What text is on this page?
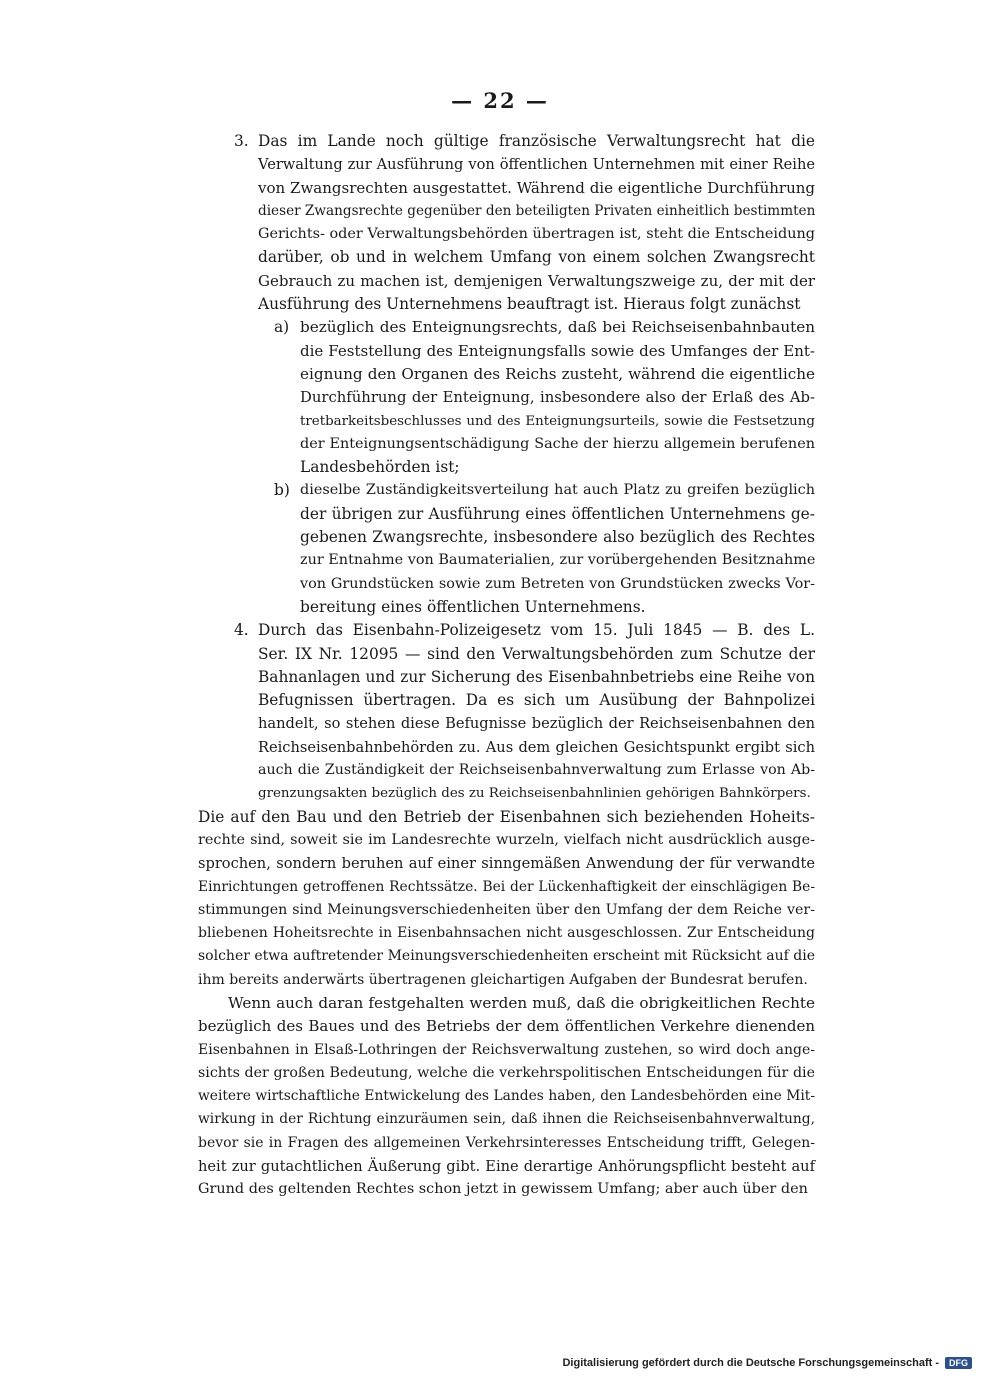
— 22 —
3. Das im Lande noch gültige französische Verwaltungsrecht hat die
Verwaltung zur Ausführung von öffentlichen Unternehmen mit einer Reihe
von Zwangsrechten ausgestattet. Während die eigentliche Durchführung
dieser Zwangsrechte gegenüber den beteiligten Privaten einheitlich bestimmten
Gerichts- oder Verwaltungsbehörden übertragen ist, steht die Entscheidung
darüber, ob und in welchem Umfang von einem solchen Zwangsrecht
Gebrauch zu machen ist, demjenigen Verwaltungszweige zu, der mit der
Ausführung des Unternehmens beauftragt ist. Hieraus folgt zunächst
a) bezüglich des Enteignungsrechts, daß bei Reichseisenbahnbauten
die Feststellung des Enteignungsfalls sowie des Umfanges der Ent-
eignung den Organen des Reichs zusteht, während die eigentliche
Durchführung der Enteignung, insbesondere also der Erlaß des Ab-
tretbarkeitsbeschlusses und des Enteignungsurteils, sowie die Festsetzung
der Enteignungsentschädigung Sache der hierzu allgemein berufenen
Landesbehörden ist;
b) dieselbe Zuständigkeitsverteilung hat auch Platz zu greifen bezüglich
der übrigen zur Ausführung eines öffentlichen Unternehmens ge-
gebenen Zwangsrechte, insbesondere also bezüglich des Rechtes
zur Entnahme von Baumaterialien, zur vorübergehenden Besitznahme
von Grundstücken sowie zum Betreten von Grundstücken zwecks Vor-
bereitung eines öffentlichen Unternehmens.
4. Durch das Eisenbahn-Polizeigesetz vom 15. Juli 1845 — B. des L.
Ser. IX Nr. 12095 — sind den Verwaltungsbehörden zum Schutze der
Bahnanlagen und zur Sicherung des Eisenbahnbetriebs eine Reihe von
Befugnissen übertragen. Da es sich um Ausübung der Bahnpolizei
handelt, so stehen diese Befugnisse bezüglich der Reichseisenbahnen den
Reichseisenbahnbehörden zu. Aus dem gleichen Gesichtspunkt ergibt sich
auch die Zuständigkeit der Reichseisenbahnverwaltung zum Erlasse von Ab-
grenzungsakten bezüglich des zu Reichseisenbahnlinien gehörigen Bahnkörpers.
Die auf den Bau und den Betrieb der Eisenbahnen sich beziehenden Hoheits-
rechte sind, soweit sie im Landesrechte wurzeln, vielfach nicht ausdrücklich ausge-
sprochen, sondern beruhen auf einer sinngemäßen Anwendung der für verwandte
Einrichtungen getroffenen Rechtssätze. Bei der Lückenhaftigkeit der einschlägigen Be-
stimmungen sind Meinungsverschiedenheiten über den Umfang der dem Reiche ver-
bliebenen Hoheitsrechte in Eisenbahnsachen nicht ausgeschlossen. Zur Entscheidung
solcher etwa auftretender Meinungsverschiedenheiten erscheint mit Rücksicht auf die
ihm bereits anderwärts übertragenen gleichartigen Aufgaben der Bundesrat berufen.
Wenn auch daran festgehalten werden muß, daß die obrigkeitlichen Rechte
bezüglich des Baues und des Betriebs der dem öffentlichen Verkehre dienenden
Eisenbahnen in Elsaß-Lothringen der Reichsverwaltung zustehen, so wird doch ange-
sichts der großen Bedeutung, welche die verkehrspolitischen Entscheidungen für die
weitere wirtschaftliche Entwickelung des Landes haben, den Landesbehörden eine Mit-
wirkung in der Richtung einzuräumen sein, daß ihnen die Reichseisenbahnverwaltung,
bevor sie in Fragen des allgemeinen Verkehrsinteresses Entscheidung trifft, Gelegen-
heit zur gutachtlichen Äußerung gibt. Eine derartige Anhörungspflicht besteht auf
Grund des geltenden Rechtes schon jetzt in gewissem Umfang; aber auch über den
Digitalisierung gefördert durch die Deutsche Forschungsgemeinschaft -	DFG
